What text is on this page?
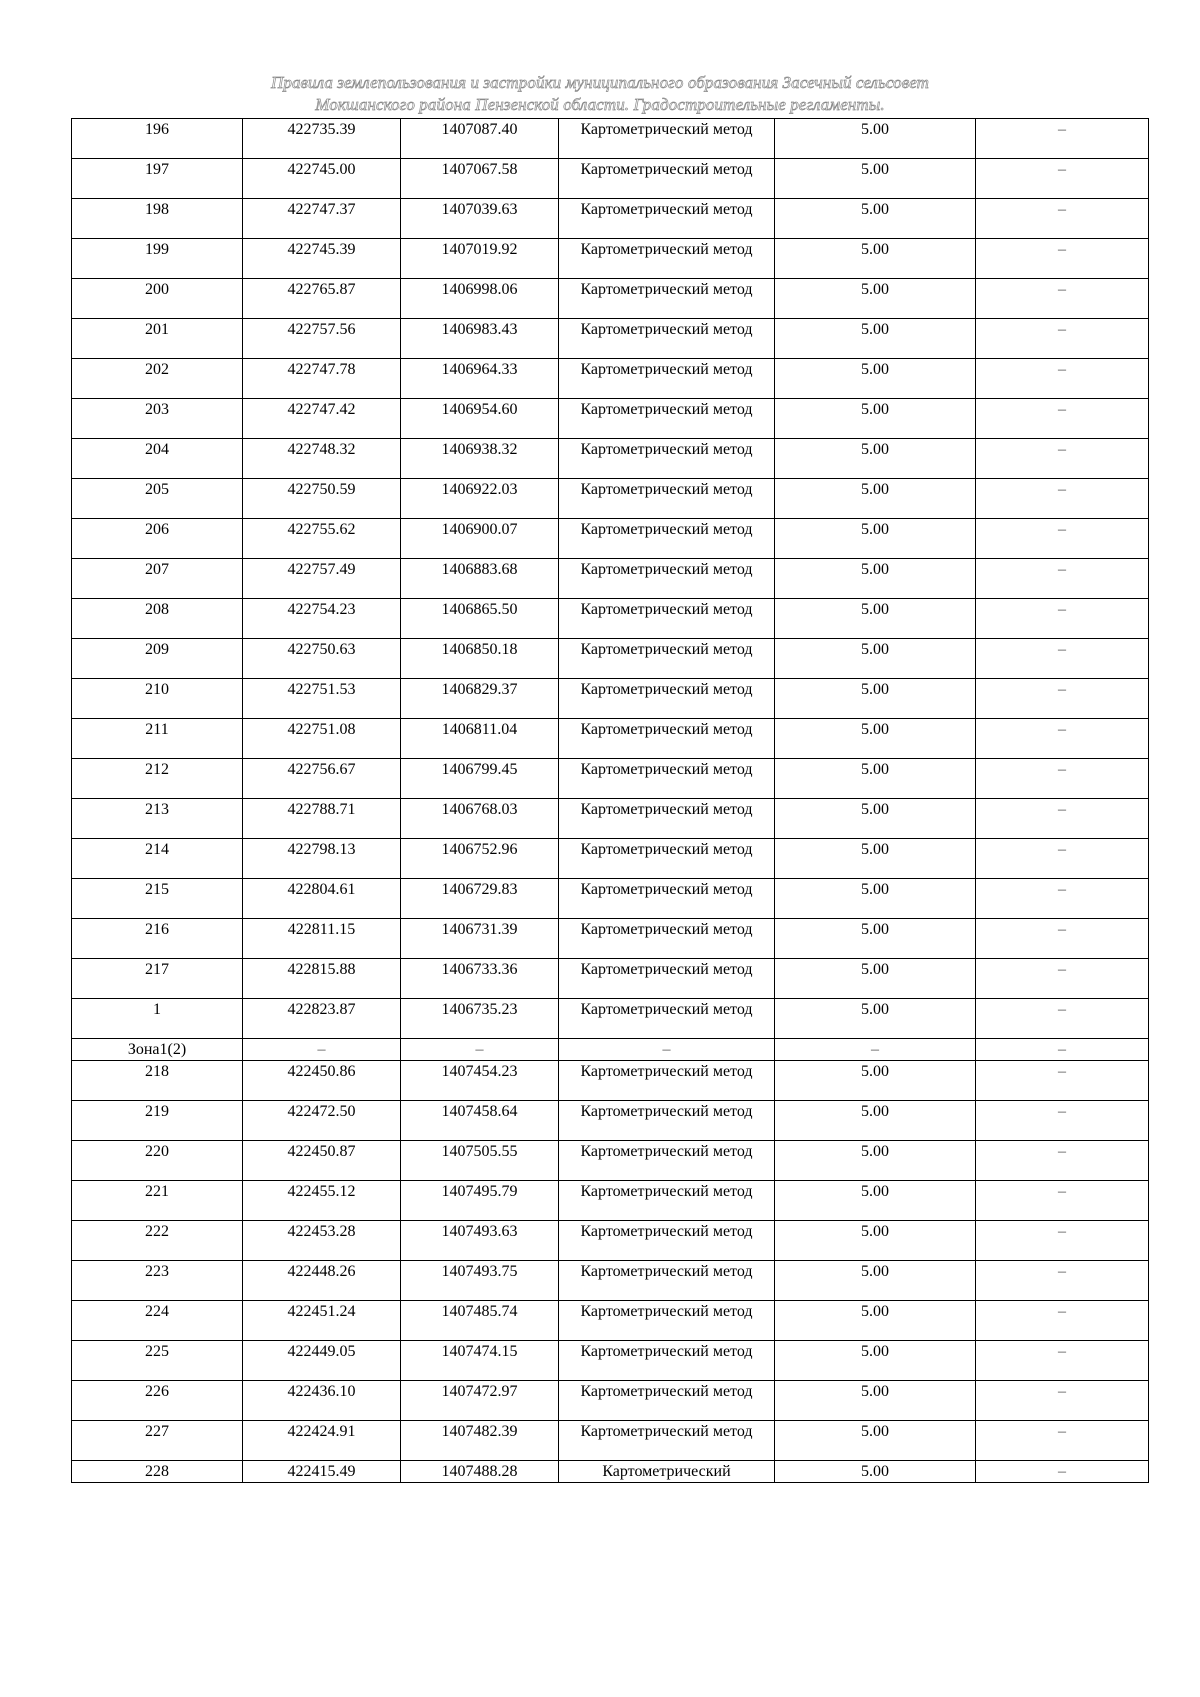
Правила землепользования и застройки муниципального образования Засечный сельсовет
Мокшанского района Пензенской области. Градостроительные регламенты.
196	422735.39	1407087.40	Картометрический метод	5.00	–
197	422745.00	1407067.58	Картометрический метод	5.00	–
198	422747.37	1407039.63	Картометрический метод	5.00	–
199	422745.39	1407019.92	Картометрический метод	5.00	–
200	422765.87	1406998.06	Картометрический метод	5.00	–
201	422757.56	1406983.43	Картометрический метод	5.00	–
202	422747.78	1406964.33	Картометрический метод	5.00	–
203	422747.42	1406954.60	Картометрический метод	5.00	–
204	422748.32	1406938.32	Картометрический метод	5.00	–
205	422750.59	1406922.03	Картометрический метод	5.00	–
206	422755.62	1406900.07	Картометрический метод	5.00	–
207	422757.49	1406883.68	Картометрический метод	5.00	–
208	422754.23	1406865.50	Картометрический метод	5.00	–
209	422750.63	1406850.18	Картометрический метод	5.00	–
210	422751.53	1406829.37	Картометрический метод	5.00	–
211	422751.08	1406811.04	Картометрический метод	5.00	–
212	422756.67	1406799.45	Картометрический метод	5.00	–
213	422788.71	1406768.03	Картометрический метод	5.00	–
214	422798.13	1406752.96	Картометрический метод	5.00	–
215	422804.61	1406729.83	Картометрический метод	5.00	–
216	422811.15	1406731.39	Картометрический метод	5.00	–
217	422815.88	1406733.36	Картометрический метод	5.00	–
1	422823.87	1406735.23	Картометрический метод	5.00	–
Зона1(2)	–	–	–	–	–
218	422450.86	1407454.23	Картометрический метод	5.00	–
219	422472.50	1407458.64	Картометрический метод	5.00	–
220	422450.87	1407505.55	Картометрический метод	5.00	–
221	422455.12	1407495.79	Картометрический метод	5.00	–
222	422453.28	1407493.63	Картометрический метод	5.00	–
223	422448.26	1407493.75	Картометрический метод	5.00	–
224	422451.24	1407485.74	Картометрический метод	5.00	–
225	422449.05	1407474.15	Картометрический метод	5.00	–
226	422436.10	1407472.97	Картометрический метод	5.00	–
227	422424.91	1407482.39	Картометрический метод	5.00	–
228	422415.49	1407488.28	Картометрический	5.00	–
